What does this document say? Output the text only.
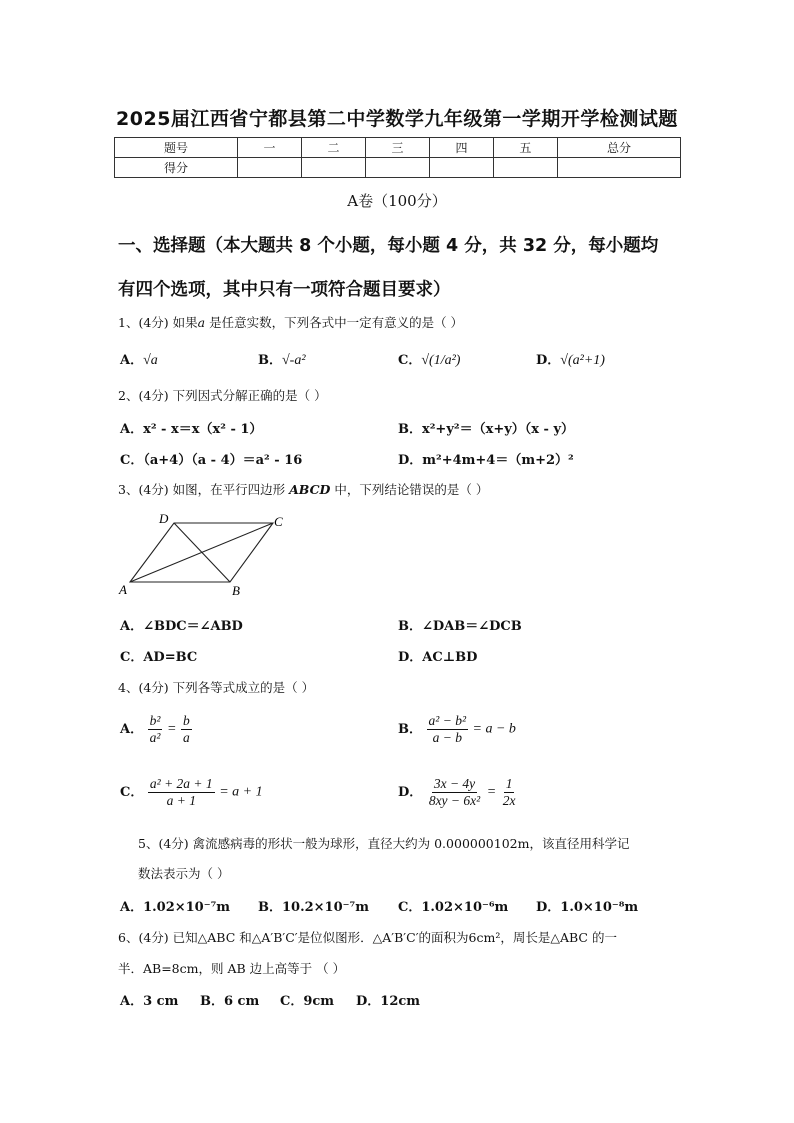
2025届江西省宁都县第二中学数学九年级第一学期开学检测试题
题号	一	二	三	四	五	总分
得分						
A卷（100分）
一、选择题（本大题共 8 个小题，每小题 4 分，共 32 分，每小题均
有四个选项，其中只有一项符合题目要求）
1、(4分) 如果a 是任意实数，下列各式中一定有意义的是（ ）
A．√a	B．√-a²	C．√(1/a²)	D．√(a²+1)
2、(4分) 下列因式分解正确的是（ ）
A．x² - x＝x（x² - 1）	B．x²+y²＝（x+y）（x - y）
C．（a+4）（a - 4）＝a² - 16	D．m²+4m+4＝（m+2）²
3、(4分) 如图，在平行四边形 ABCD 中，下列结论错误的是（ ）
D	C
A	B
A．∠BDC＝∠ABD	B．∠DAB＝∠DCB
C．AD=BC	D．AC⊥BD
4、(4分) 下列各等式成立的是（ ）
A． $\frac{\text{b²}}{\text{a²}} = \frac{b}{a}$	B． $\frac{\text{a² − b²}}{a - b} = a - b$
C． $\frac{\text{a² + 2a + 1}}{a + 1} = a + 1$	D． $\frac{3x - 4y}{\text{8xy − 6x²}} = \frac{1}{2x}$
5、(4分) 禽流感病毒的形状一般为球形，直径大约为 0.000000102m，该直径用科学记
数法表示为（ ）
A．1.02×10⁻⁷m B．10.2×10⁻⁷m C．1.02×10⁻⁶m D．1.0×10⁻⁸m
6、(4分) 已知△ABC 和△A′B′C′是位似图形．△A′B′C′的面积为6cm²，周长是△ABC 的一
半．AB=8cm，则 AB 边上高等于 （ ）
A．3 cm B．6 cm C．9cm D．12cm
